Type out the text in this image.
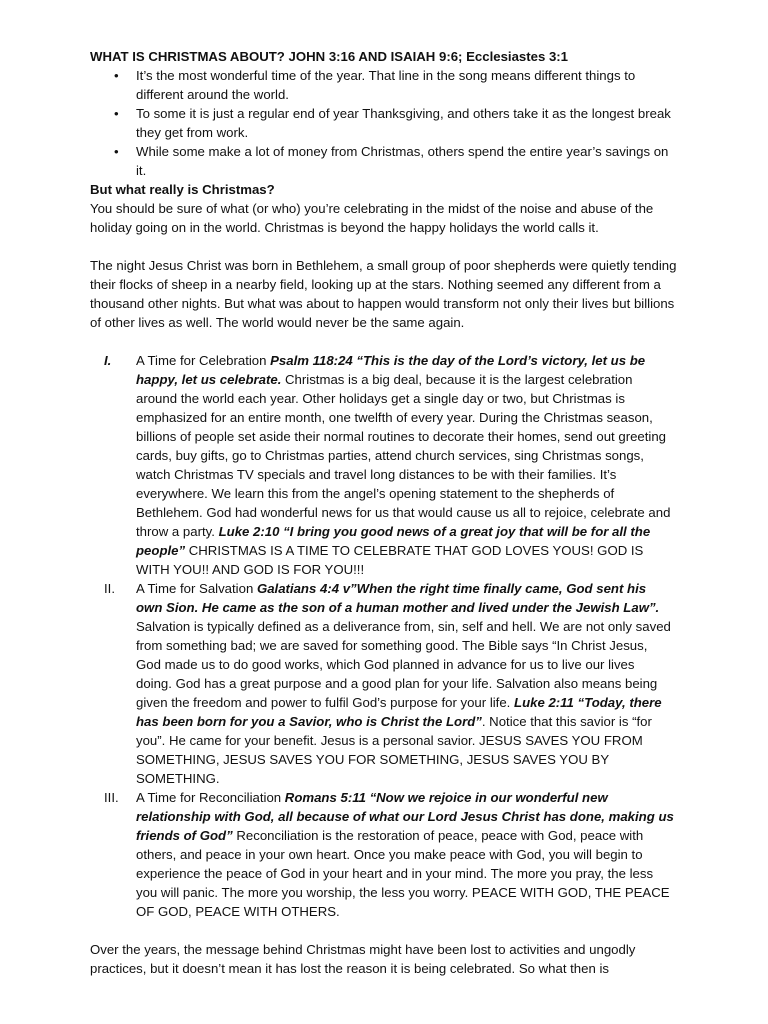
WHAT IS CHRISTMAS ABOUT? JOHN 3:16 AND ISAIAH 9:6; Ecclesiastes 3:1

• It’s the most wonderful time of the year. That line in the song means different things to different around the world.
• To some it is just a regular end of year Thanksgiving, and others take it as the longest break they get from work.
• While some make a lot of money from Christmas, others spend the entire year’s savings on it.

But what really is Christmas?

You should be sure of what (or who) you’re celebrating in the midst of the noise and abuse of the holiday going on in the world. Christmas is beyond the happy holidays the world calls it.

The night Jesus Christ was born in Bethlehem, a small group of poor shepherds were quietly tending their flocks of sheep in a nearby field, looking up at the stars. Nothing seemed any different from a thousand other nights. But what was about to happen would transform not only their lives but billions of other lives as well. The world would never be the same again.

I. A Time for Celebration Psalm 118:24 “This is the day of the Lord’s victory, let us be happy, let us celebrate. Christmas is a big deal, because it is the largest celebration around the world each year. Other holidays get a single day or two, but Christmas is emphasized for an entire month, one twelfth of every year. During the Christmas season, billions of people set aside their normal routines to decorate their homes, send out greeting cards, buy gifts, go to Christmas parties, attend church services, sing Christmas songs, watch Christmas TV specials and travel long distances to be with their families. It’s everywhere. We learn this from the angel’s opening statement to the shepherds of Bethlehem. God had wonderful news for us that would cause us all to rejoice, celebrate and throw a party. Luke 2:10 “I bring you good news of a great joy that will be for all the people” CHRISTMAS IS A TIME TO CELEBRATE THAT GOD LOVES YOUS! GOD IS WITH YOU!! AND GOD IS FOR YOU!!!
II. A Time for Salvation Galatians 4:4 v”When the right time finally came, God sent his own Sion. He came as the son of a human mother and lived under the Jewish Law”. Salvation is typically defined as a deliverance from, sin, self and hell. We are not only saved from something bad; we are saved for something good. The Bible says “In Christ Jesus, God made us to do good works, which God planned in advance for us to live our lives doing. God has a great purpose and a good plan for your life. Salvation also means being given the freedom and power to fulfil God’s purpose for your life. Luke 2:11 “Today, there has been born for you a Savior, who is Christ the Lord”. Notice that this savior is “for you”. He came for your benefit. Jesus is a personal savior. JESUS SAVES YOU FROM SOMETHING, JESUS SAVES YOU FOR SOMETHING, JESUS SAVES YOU BY SOMETHING.
III. A Time for Reconciliation Romans 5:11 “Now we rejoice in our wonderful new relationship with God, all because of what our Lord Jesus Christ has done, making us friends of God” Reconciliation is the restoration of peace, peace with God, peace with others, and peace in your own heart. Once you make peace with God, you will begin to experience the peace of God in your heart and in your mind. The more you pray, the less you will panic. The more you worship, the less you worry. PEACE WITH GOD, THE PEACE OF GOD, PEACE WITH OTHERS.

Over the years, the message behind Christmas might have been lost to activities and ungodly practices, but it doesn’t mean it has lost the reason it is being celebrated. So what then is
